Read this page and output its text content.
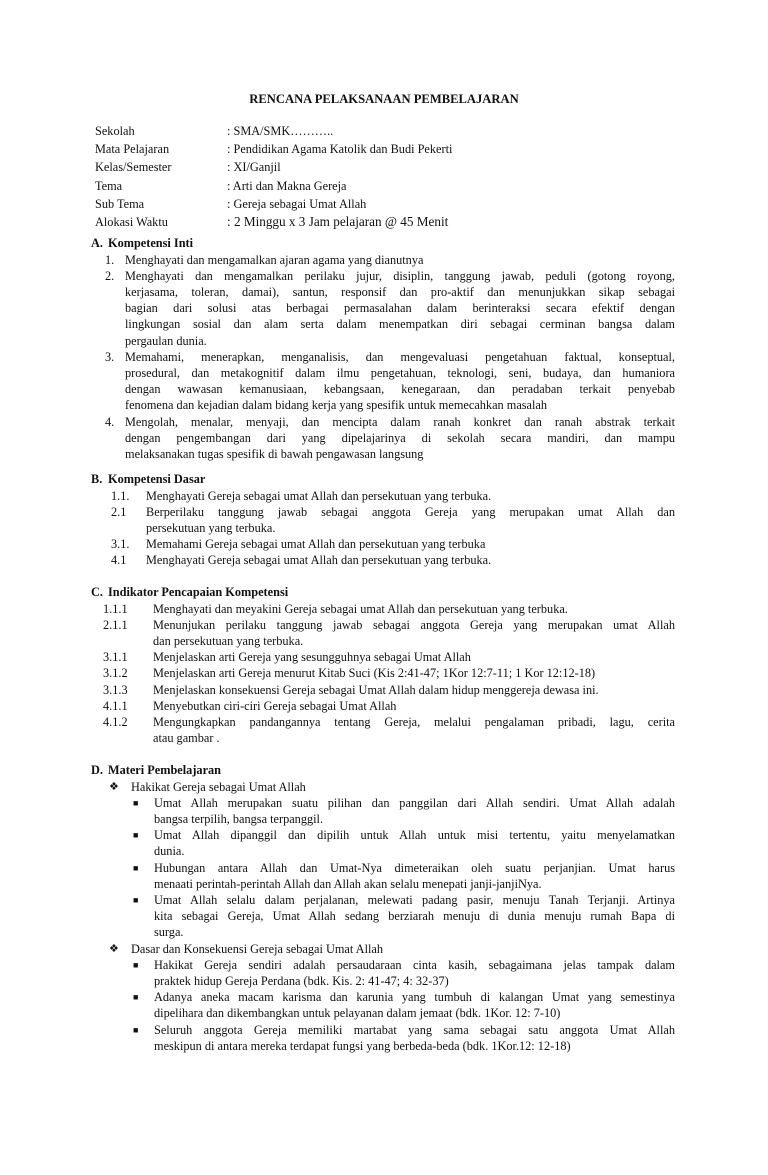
RENCANA PELAKSANAAN PEMBELAJARAN
Sekolah	: SMA/SMK………..
Mata Pelajaran	: Pendidikan Agama Katolik dan Budi Pekerti
Kelas/Semester	: XI/Ganjil
Tema	: Arti dan Makna Gereja
Sub Tema	: Gereja sebagai Umat Allah
Alokasi Waktu	: 2 Minggu x 3 Jam pelajaran @ 45 Menit
A. Kompetensi Inti
1. Menghayati dan mengamalkan ajaran agama yang dianutnya
2. Menghayati dan mengamalkan perilaku jujur, disiplin, tanggung jawab, peduli (gotong royong,
kerjasama, toleran, damai), santun, responsif dan pro-aktif dan menunjukkan sikap sebagai
bagian dari solusi atas berbagai permasalahan dalam berinteraksi secara efektif dengan
lingkungan sosial dan alam serta dalam menempatkan diri sebagai cerminan bangsa dalam
pergaulan dunia.
3. Memahami, menerapkan, menganalisis, dan mengevaluasi pengetahuan faktual, konseptual,
prosedural, dan metakognitif dalam ilmu pengetahuan, teknologi, seni, budaya, dan humaniora
dengan wawasan kemanusiaan, kebangsaan, kenegaraan, dan peradaban terkait penyebab
fenomena dan kejadian dalam bidang kerja yang spesifik untuk memecahkan masalah
4. Mengolah, menalar, menyaji, dan mencipta dalam ranah konkret dan ranah abstrak terkait
dengan pengembangan dari yang dipelajarinya di sekolah secara mandiri, dan mampu
melaksanakan tugas spesifik di bawah pengawasan langsung
B. Kompetensi Dasar
1.1.	Menghayati Gereja sebagai umat Allah dan persekutuan yang terbuka.
2.1	Berperilaku tanggung jawab sebagai anggota Gereja yang merupakan umat Allah dan
persekutuan yang terbuka.
3.1.	Memahami Gereja sebagai umat Allah dan persekutuan yang terbuka
4.1	Menghayati Gereja sebagai umat Allah dan persekutuan yang terbuka.
C. Indikator Pencapaian Kompetensi
1.1.1	Menghayati dan meyakini Gereja sebagai umat Allah dan persekutuan yang terbuka.
2.1.1	Menunjukan perilaku tanggung jawab sebagai anggota Gereja yang merupakan umat Allah
dan persekutuan yang terbuka.
3.1.1	Menjelaskan arti Gereja yang sesungguhnya sebagai Umat Allah
3.1.2	Menjelaskan arti Gereja menurut Kitab Suci (Kis 2:41-47; 1Kor 12:7-11; 1 Kor 12:12-18)
3.1.3	Menjelaskan konsekuensi Gereja sebagai Umat Allah dalam hidup menggereja dewasa ini.
4.1.1	Menyebutkan ciri-ciri Gereja sebagai Umat Allah
4.1.2	Mengungkapkan pandangannya tentang Gereja, melalui pengalaman pribadi, lagu, cerita
atau gambar .
D. Materi Pembelajaran
❖ Hakikat Gereja sebagai Umat Allah
■	Umat Allah merupakan suatu pilihan dan panggilan dari Allah sendiri. Umat Allah adalah
bangsa terpilih, bangsa terpanggil.
■	Umat Allah dipanggil dan dipilih untuk Allah untuk misi tertentu, yaitu menyelamatkan
dunia.
■	Hubungan antara Allah dan Umat-Nya dimeteraikan oleh suatu perjanjian. Umat harus
menaati perintah-perintah Allah dan Allah akan selalu menepati janji-janjiNya.
■	Umat Allah selalu dalam perjalanan, melewati padang pasir, menuju Tanah Terjanji. Artinya
kita sebagai Gereja, Umat Allah sedang berziarah menuju di dunia menuju rumah Bapa di
surga.
❖ Dasar dan Konsekuensi Gereja sebagai Umat Allah
■	Hakikat Gereja sendiri adalah persaudaraan cinta kasih, sebagaimana jelas tampak dalam
praktek hidup Gereja Perdana (bdk. Kis. 2: 41-47; 4: 32-37)
■	Adanya aneka macam karisma dan karunia yang tumbuh di kalangan Umat yang semestinya
dipelihara dan dikembangkan untuk pelayanan dalam jemaat (bdk. 1Kor. 12: 7-10)
■	Seluruh anggota Gereja memiliki martabat yang sama sebagai satu anggota Umat Allah
meskipun di antara mereka terdapat fungsi yang berbeda-beda (bdk. 1Kor.12: 12-18)
